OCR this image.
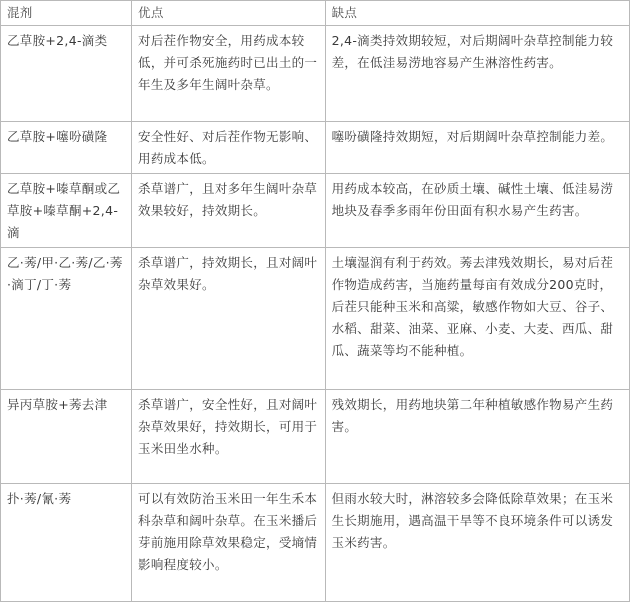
混剂	优点	缺点
乙草胺+2,4-滴类	对后茬作物安全，用药成本较低，并可杀死施药时已出土的一年生及多年生阔叶杂草。	2,4-滴类持效期较短，对后期阔叶杂草控制能力较差，在低洼易涝地容易产生淋溶性药害。
乙草胺+噻吩磺隆	安全性好、对后茬作物无影响、用药成本低。	噻吩磺隆持效期短，对后期阔叶杂草控制能力差。
乙草胺+嗪草酮或乙草胺+嗪草酮+2,4-滴	杀草谱广，且对多年生阔叶杂草效果较好，持效期长。	用药成本较高，在砂质土壤、碱性土壤、低洼易涝地块及春季多雨年份田面有积水易产生药害。
乙·莠/甲·乙·莠/乙·莠·滴丁/丁·莠	杀草谱广，持效期长，且对阔叶杂草效果好。	土壤湿润有利于药效。莠去津残效期长，易对后茬作物造成药害，当施药量每亩有效成分200克时，后茬只能种玉米和高粱，敏感作物如大豆、谷子、水稻、甜菜、油菜、亚麻、小麦、大麦、西瓜、甜瓜、蔬菜等均不能种植。
异丙草胺+莠去津	杀草谱广，安全性好，且对阔叶杂草效果好，持效期长，可用于玉米田坐水种。	残效期长，用药地块第二年种植敏感作物易产生药害。
扑·莠/氰·莠	可以有效防治玉米田一年生禾本科杂草和阔叶杂草。在玉米播后芽前施用除草效果稳定，受墒情影响程度较小。	但雨水较大时，淋溶较多会降低除草效果；在玉米生长期施用，遇高温干旱等不良环境条件可以诱发玉米药害。
